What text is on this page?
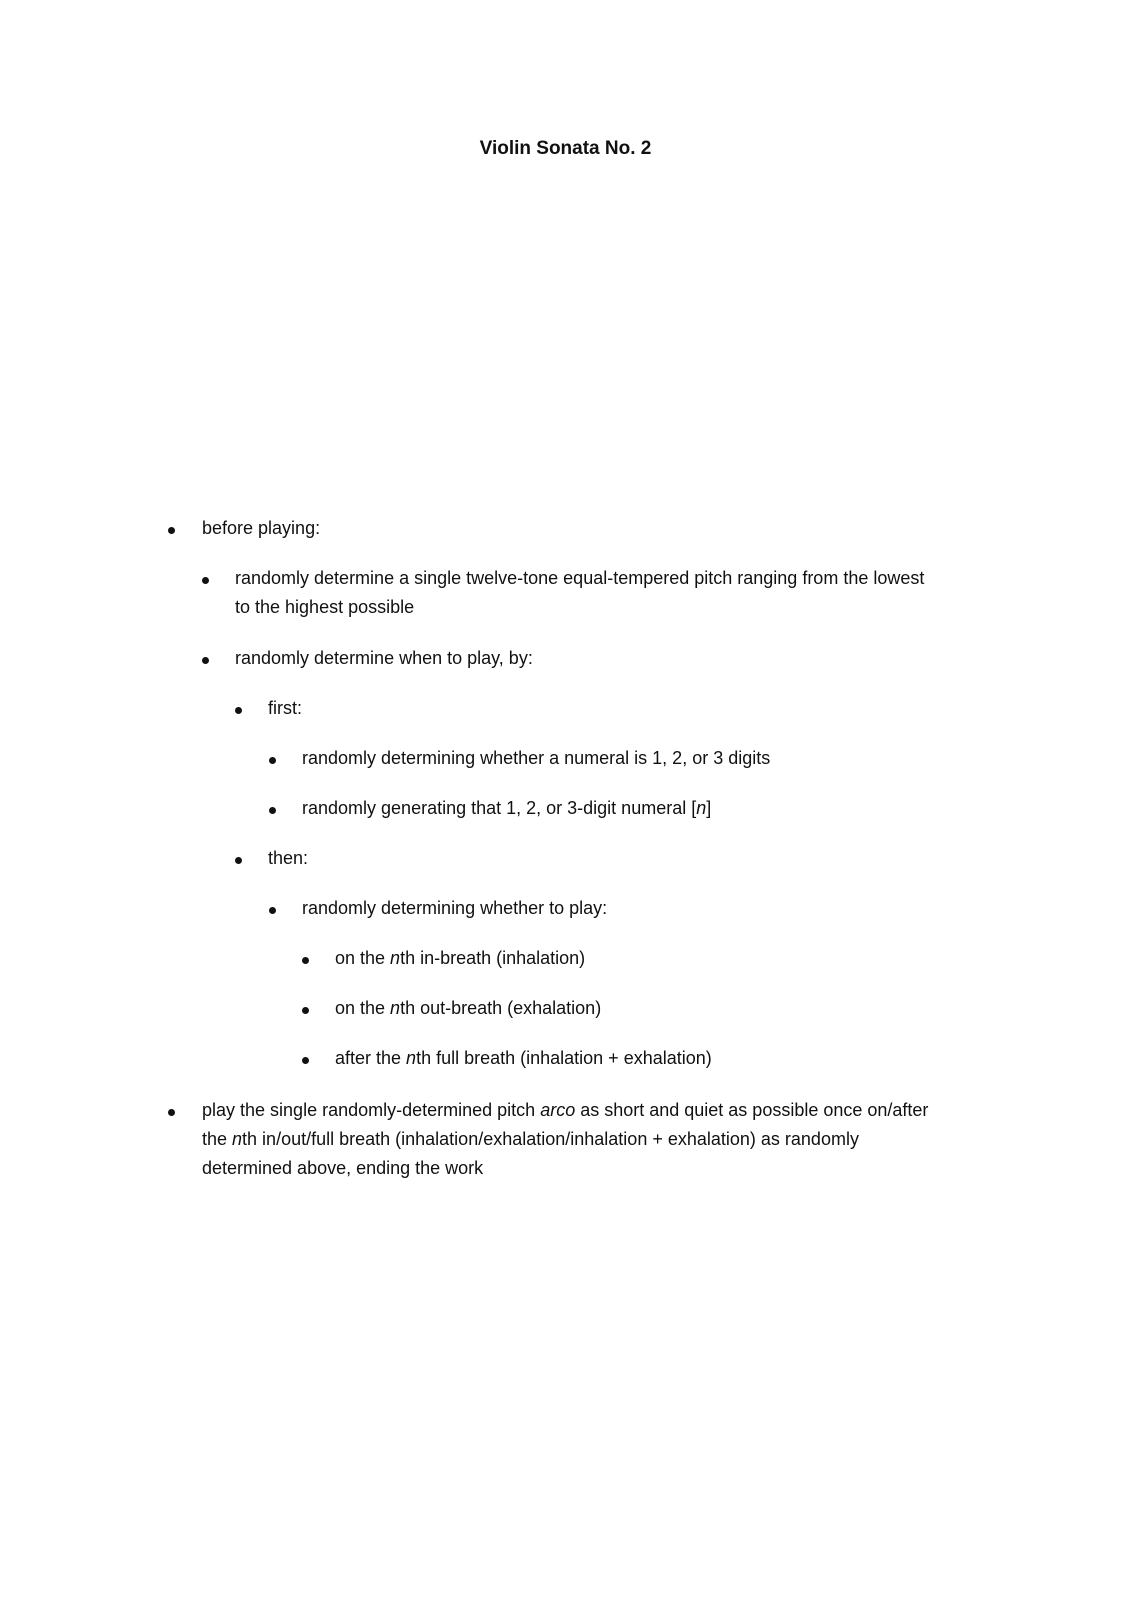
Violin Sonata No. 2
before playing:
randomly determine a single twelve-tone equal-tempered pitch ranging from the lowest
to the highest possible
randomly determine when to play, by:
first:
randomly determining whether a numeral is 1, 2, or 3 digits
randomly generating that 1, 2, or 3-digit numeral [n]
then:
randomly determining whether to play:
on the nth in-breath (inhalation)
on the nth out-breath (exhalation)
after the nth full breath (inhalation + exhalation)
play the single randomly-determined pitch arco as short and quiet as possible once on/after
the nth in/out/full breath (inhalation/exhalation/inhalation + exhalation) as randomly
determined above, ending the work
